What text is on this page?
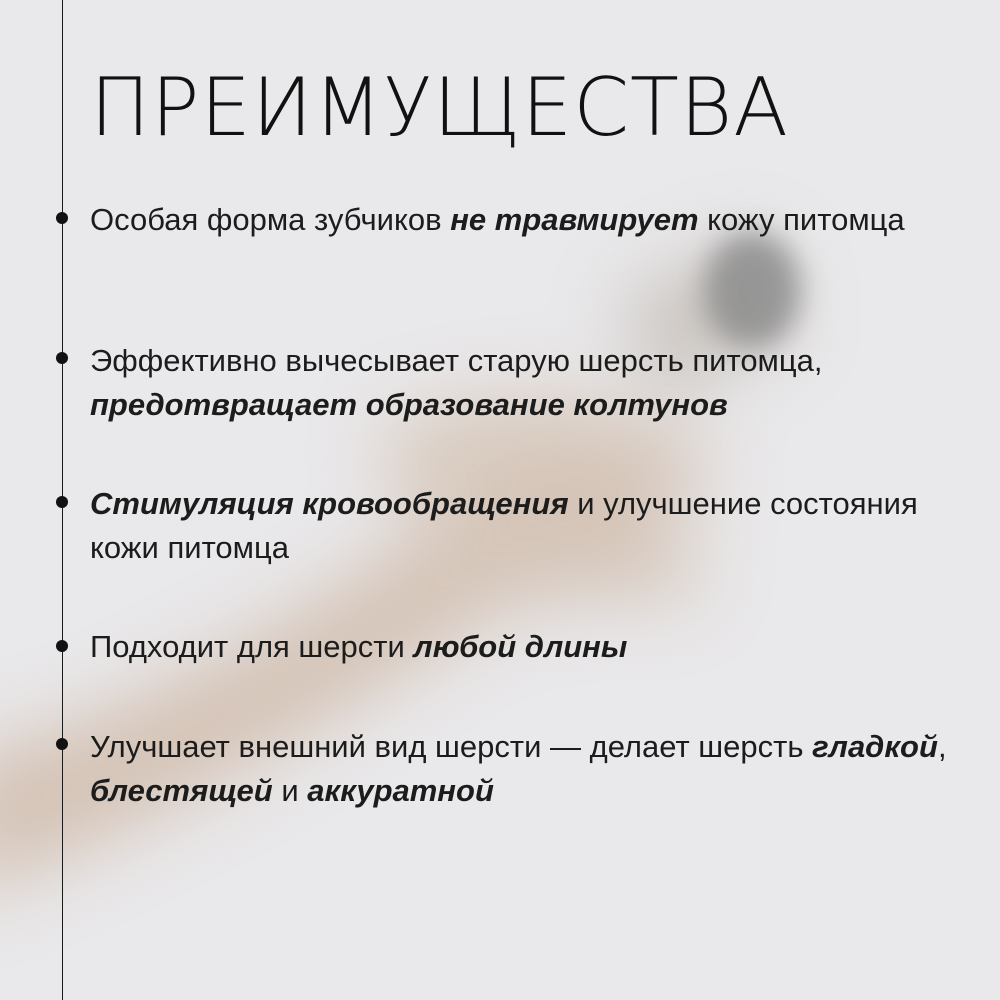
ПРЕИМУЩЕСТВА
Особая форма зубчиков не травмирует кожу питомца
Эффективно вычесывает старую шерсть питомца, предотвращает образование колтунов
Стимуляция кровообращения и улучшение состояния кожи питомца
Подходит для шерсти любой длины
Улучшает внешний вид шерсти — делает шерсть гладкой, блестящей и аккуратной
